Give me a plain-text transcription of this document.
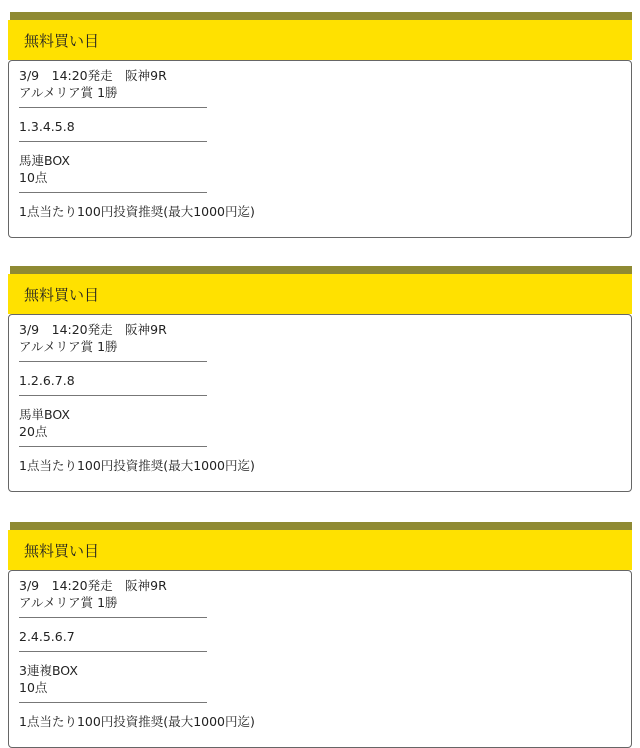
無料買い目
3/9　14:20発走　阪神9R
アルメリア賞 1勝
1.3.4.5.8
馬連BOX
10点
1点当たり100円投資推奨(最大1000円迄)
無料買い目
3/9　14:20発走　阪神9R
アルメリア賞 1勝
1.2.6.7.8
馬単BOX
20点
1点当たり100円投資推奨(最大1000円迄)
無料買い目
3/9　14:20発走　阪神9R
アルメリア賞 1勝
2.4.5.6.7
3連複BOX
10点
1点当たり100円投資推奨(最大1000円迄)
